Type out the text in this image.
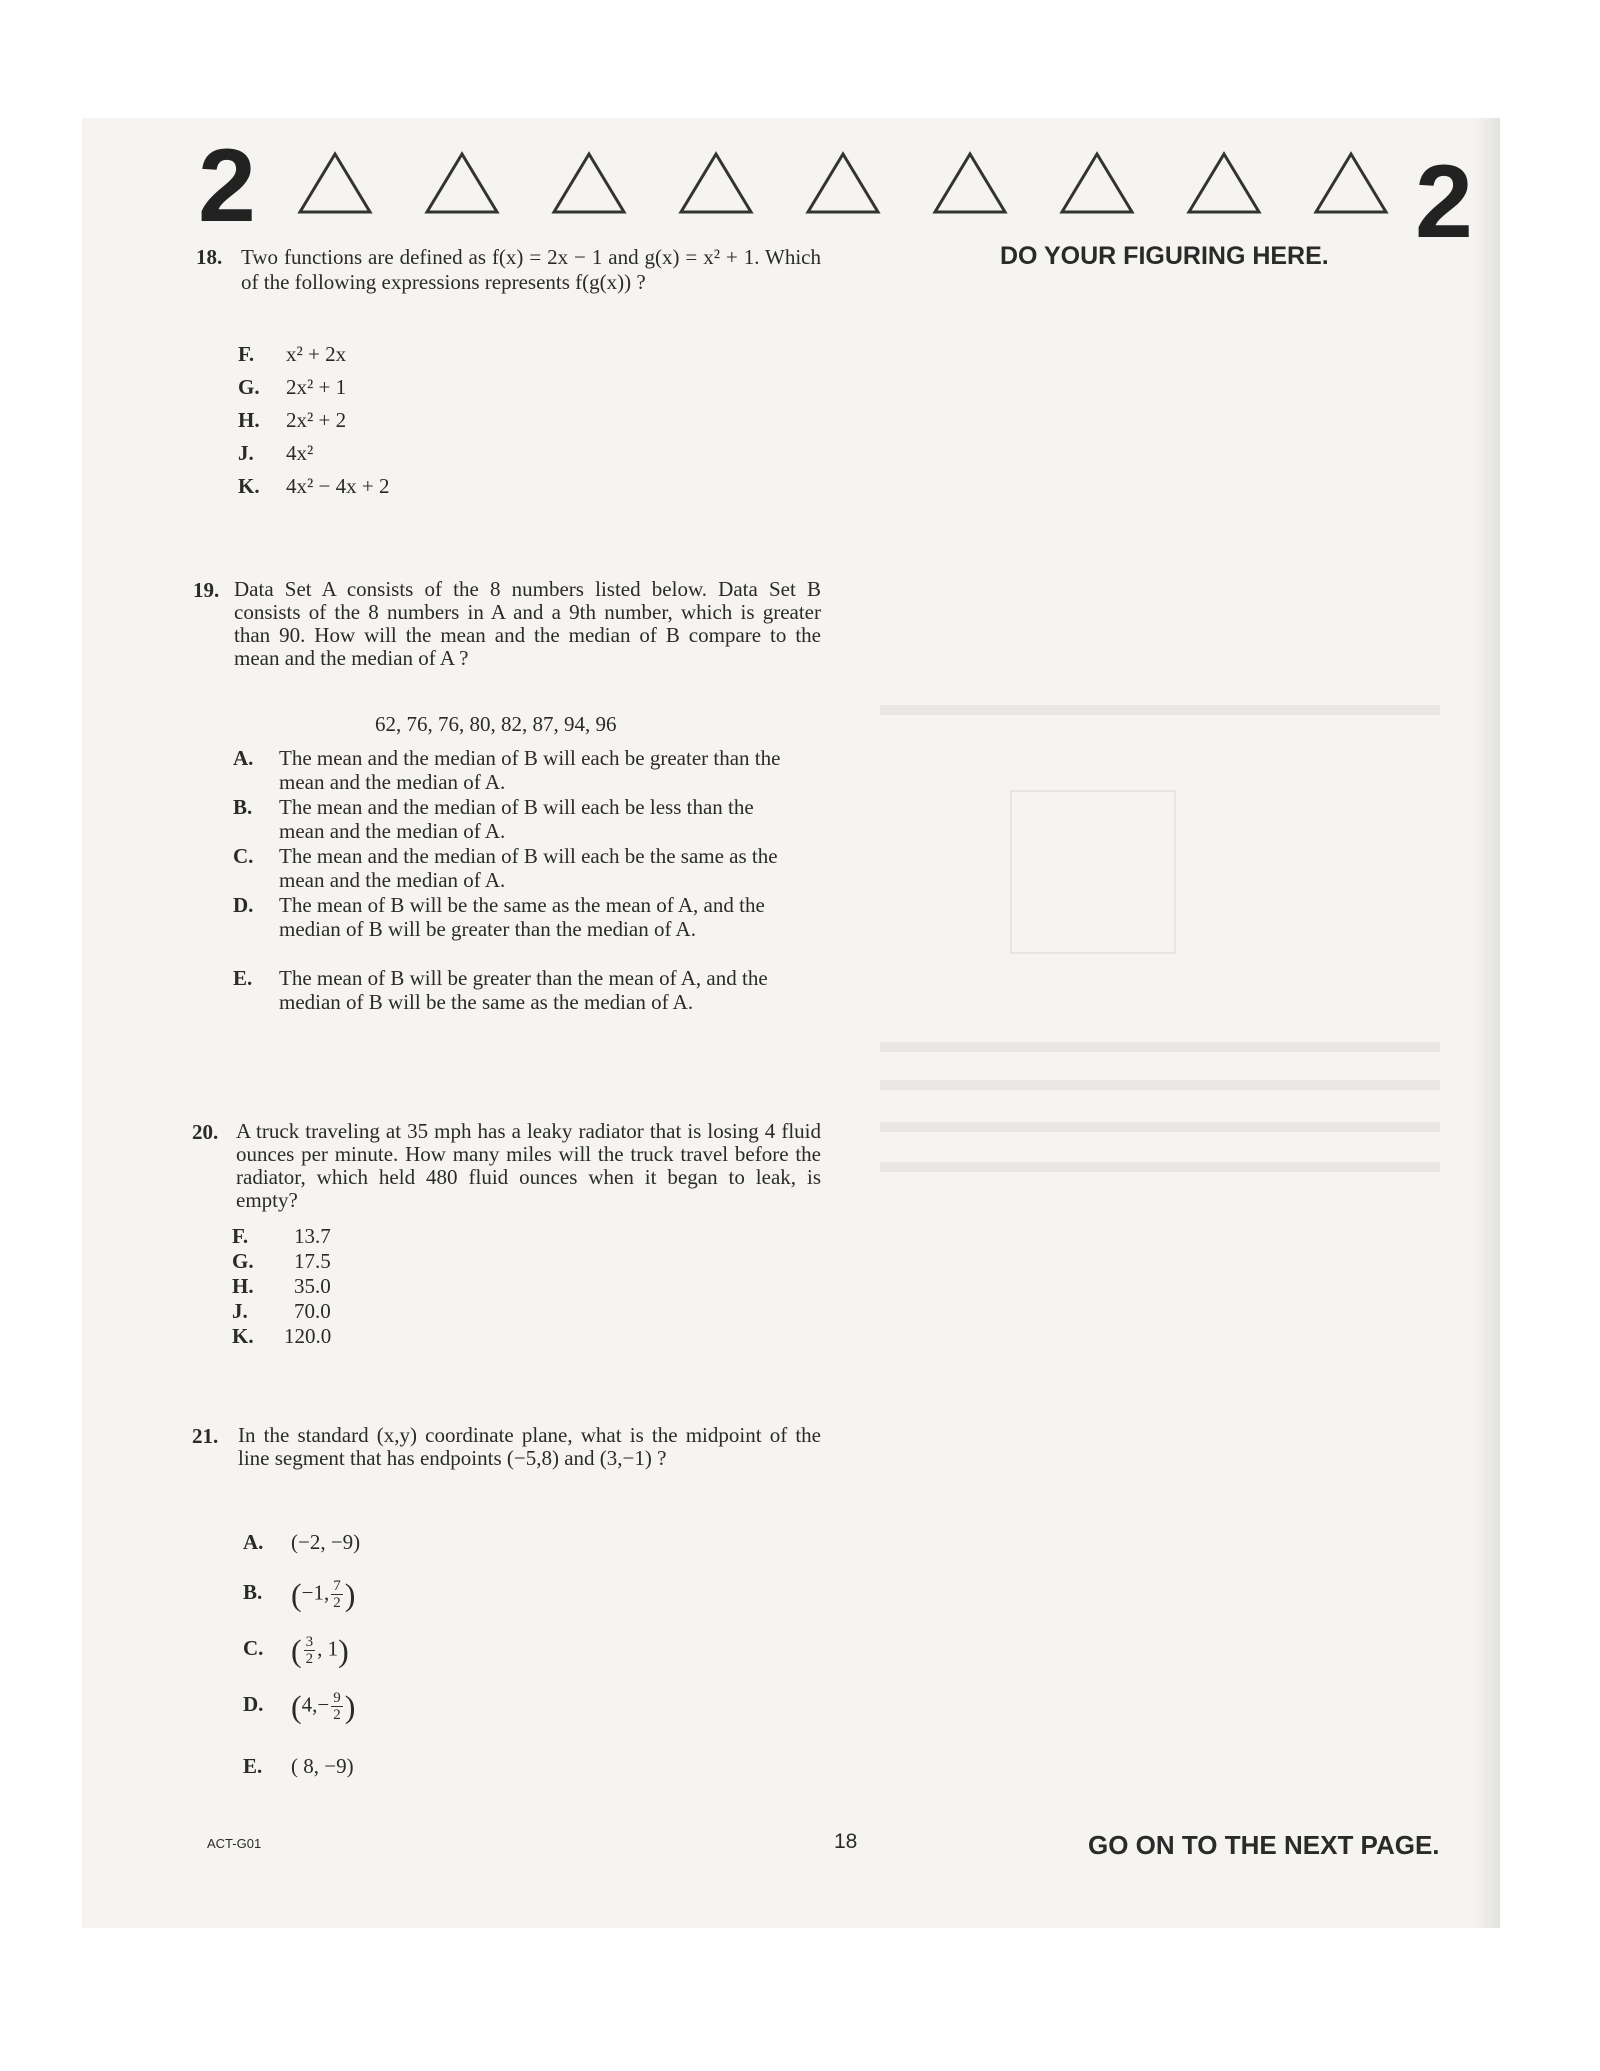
2	2
DO YOUR FIGURING HERE.
18. Two functions are defined as f(x) = 2x − 1 and g(x) = x² + 1. Which of the following expressions represents f(g(x)) ?
F. x² + 2x
G. 2x² + 1
H. 2x² + 2
J. 4x²
K. 4x² − 4x + 2
19. Data Set A consists of the 8 numbers listed below. Data Set B consists of the 8 numbers in A and a 9th number, which is greater than 90. How will the mean and the median of B compare to the mean and the median of A ?
62, 76, 76, 80, 82, 87, 94, 96
A. The mean and the median of B will each be greater than the mean and the median of A.
B. The mean and the median of B will each be less than the mean and the median of A.
C. The mean and the median of B will each be the same as the mean and the median of A.
D. The mean of B will be the same as the mean of A, and the median of B will be greater than the median of A.
E. The mean of B will be greater than the mean of A, and the median of B will be the same as the median of A.
20. A truck traveling at 35 mph has a leaky radiator that is losing 4 fluid ounces per minute. How many miles will the truck travel before the radiator, which held 480 fluid ounces when it began to leak, is empty?
F. 13.7
G. 17.5
H. 35.0
J. 70.0
K. 120.0
21. In the standard (x,y) coordinate plane, what is the midpoint of the line segment that has endpoints (−5,8) and (3,−1) ?
A. (−2, −9)
B. (−1, $\frac{7}{2}$ )
C. ( $\frac{3}{2}$ , 1)
D. ($4,- \frac{9}{2}$ )
E. ( 8, −9)
ACT-G01	18	GO ON TO THE NEXT PAGE.
